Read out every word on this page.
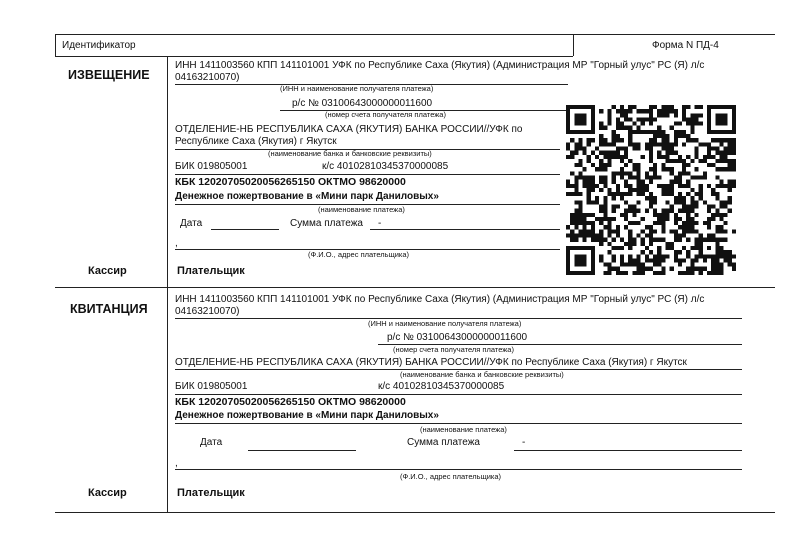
Идентификатор	Форма N ПД-4
ИЗВЕЩЕНИЕ
ИНН 1411003560 КПП 141101001 УФК по Республике Саха (Якутия) (Администрация МР "Горный улус" РС (Я) л/с
04163210070)
(ИНН и наименование получателя платежа)
р/с № 03100643000000011600
(номер счета получателя платежа)
ОТДЕЛЕНИЕ-НБ РЕСПУБЛИКА САХА (ЯКУТИЯ) БАНКА РОССИИ//УФК по
Республике Саха (Якутия) г Якутск
(наименование банка и банковские реквизиты)
БИК 019805001	к/с 40102810345370000085
КБК 12020705020056265150 ОКТМО 98620000
Денежное пожертвование в «Мини парк Даниловых»
(наименование платежа)
Дата	Сумма платежа -
,
(Ф.И.О., адрес плательщика)
Кассир	Плательщик
КВИТАНЦИЯ
ИНН 1411003560 КПП 141101001 УФК по Республике Саха (Якутия) (Администрация МР "Горный улус" РС (Я) л/с
04163210070)
(ИНН и наименование получателя платежа)
р/с № 03100643000000011600
(номер счета получателя платежа)
ОТДЕЛЕНИЕ-НБ РЕСПУБЛИКА САХА (ЯКУТИЯ) БАНКА РОССИИ//УФК по Республике Саха (Якутия) г Якутск
(наименование банка и банковские реквизиты)
БИК 019805001	к/с 40102810345370000085
КБК 12020705020056265150 ОКТМО 98620000
Денежное пожертвование в «Мини парк Даниловых»
(наименование платежа)
Дата	Сумма платежа	-
,
(Ф.И.О., адрес плательщика)
Кассир	Плательщик
